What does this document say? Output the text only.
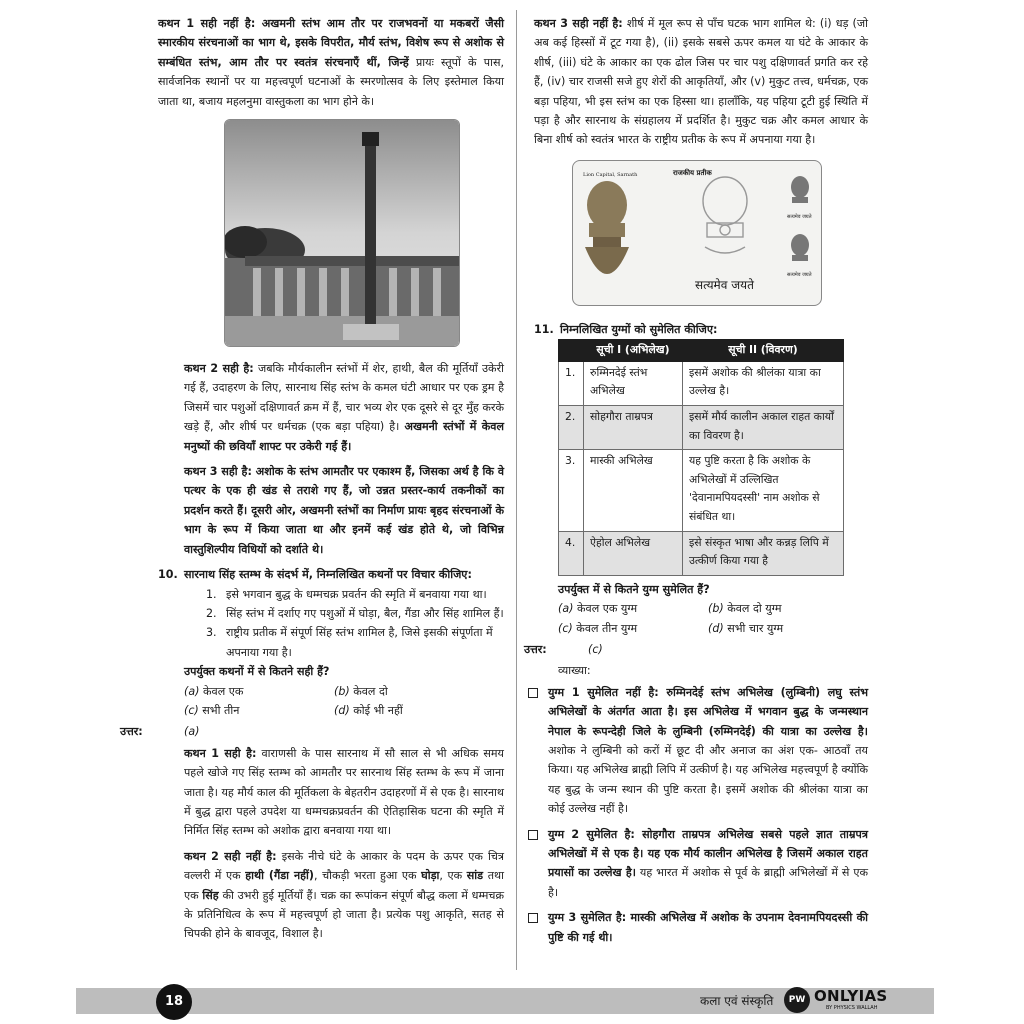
कथन 1 सही नहीं है: अखमनी स्तंभ आम तौर पर राजभवनों या मकबरों जैसी स्मारकीय संरचनाओं का भाग थे, इसके विपरीत, मौर्य स्तंभ, विशेष रूप से अशोक से सम्बंधित स्तंभ, आम तौर पर स्वतंत्र संरचनाएँ थीं, जिन्हें प्रायः स्तूपों के पास, सार्वजनिक स्थानों पर या महत्त्वपूर्ण घटनाओं के स्मरणोत्सव के लिए इस्तेमाल किया जाता था, बजाय महलनुमा वास्तुकला का भाग होने के।

कथन 2 सही है: जबकि मौर्यकालीन स्तंभों में शेर, हाथी, बैल की मूर्तियाँ उकेरी गई हैं, उदाहरण के लिए, सारनाथ सिंह स्तंभ के कमल घंटी आधार पर एक ड्रम है जिसमें चार पशुओं दक्षिणावर्त क्रम में हैं, चार भव्य शेर एक दूसरे से दूर मुँह करके खड़े हैं, और शीर्ष पर धर्मचक्र (एक बड़ा पहिया) है। अखमनी स्तंभों में केवल मनुष्यों की छवियाँ शाफ्ट पर उकेरी गई हैं।

कथन 3 सही है: अशोक के स्तंभ आमतौर पर एकाश्म हैं, जिसका अर्थ है कि वे पत्थर के एक ही खंड से तराशे गए हैं, जो उन्नत प्रस्तर-कार्य तकनीकों का प्रदर्शन करते हैं। दूसरी ओर, अखमनी स्तंभों का निर्माण प्रायः बृहद संरचनाओं के भाग के रूप में किया जाता था और इनमें कई खंड होते थे, जो विभिन्न वास्तुशिल्पीय विधियों को दर्शाते थे।

10. सारनाथ सिंह स्तम्भ के संदर्भ में, निम्नलिखित कथनों पर विचार कीजिए:
1. इसे भगवान बुद्ध के धम्मचक्र प्रवर्तन की स्मृति में बनवाया गया था।
2. सिंह स्तंभ में दर्शाए गए पशुओं में घोड़ा, बैल, गैंडा और सिंह शामिल हैं।
3. राष्ट्रीय प्रतीक में संपूर्ण सिंह स्तंभ शामिल है, जिसे इसकी संपूर्णता में अपनाया गया है।

उपर्युक्त कथनों में से कितने सही हैं?

(a) केवल एक	(b) केवल दो
(c) सभी तीन	(d) कोई भी नहीं
उत्तर:	(a)

कथन 1 सही है: वाराणसी के पास सारनाथ में सौ साल से भी अधिक समय पहले खोजे गए सिंह स्तम्भ को आमतौर पर सारनाथ सिंह स्तम्भ के रूप में जाना जाता है। यह मौर्य काल की मूर्तिकला के बेहतरीन उदाहरणों में से एक है। सारनाथ में बुद्ध द्वारा पहले उपदेश या धम्मचक्रप्रवर्तन की ऐतिहासिक घटना की स्मृति में निर्मित सिंह स्तम्भ को अशोक द्वारा बनवाया गया था।

कथन 2 सही नहीं है: इसके नीचे घंटे के आकार के पदम के ऊपर एक चित्र वल्लरी में एक हाथी (गैंडा नहीं), चौकड़ी भरता हुआ एक घोड़ा, एक सांड तथा एक सिंह की उभरी हुई मूर्तियाँ हैं। चक्र का रूपांकन संपूर्ण बौद्ध कला में धम्मचक्र के प्रतिनिधित्व के रूप में महत्त्वपूर्ण हो जाता है। प्रत्येक पशु आकृति, सतह से चिपकी होने के बावजूद, विशाल है।

कथन 3 सही नहीं है: शीर्ष में मूल रूप से पाँच घटक भाग शामिल थे: (i) धड़ (जो अब कई हिस्सों में टूट गया है), (ii) इसके सबसे ऊपर कमल या घंटे के आकार के शीर्ष, (iii) घंटे के आकार का एक ढोल जिस पर चार पशु दक्षिणावर्त प्रगति कर रहे हैं, (iv) चार राजसी सजे हुए शेरों की आकृतियाँ, और (v) मुकुट तत्त्व, धर्मचक्र, एक बड़ा पहिया, भी इस स्तंभ का एक हिस्सा था। हालाँकि, यह पहिया टूटी हुई स्थिति में पड़ा है और सारनाथ के संग्रहालय में प्रदर्शित है। मुकुट चक्र और कमल आधार के बिना शीर्ष को स्वतंत्र भारत के राष्ट्रीय प्रतीक के रूप में अपनाया गया है।

Lion Capital, Sarnath	राजकीय प्रतीक
सत्यमेव जयते
सत्यमेव जयते
सत्यमेव जयते
11. निम्नलिखित युग्मों को सुमेलित कीजिए:
	सूची I (अभिलेख)	सूची II (विवरण)
1.	रुम्मिनदेई स्तंभ अभिलेख	इसमें अशोक की श्रीलंका यात्रा का उल्लेख है।
2.	सोहगौरा ताम्रपत्र	इसमें मौर्य कालीन अकाल राहत कार्यों का विवरण है।
3.	मास्की अभिलेख	यह पुष्टि करता है कि अशोक के अभिलेखों में उल्लिखित 'देवानामपियदस्सी' नाम अशोक से संबंधित था।
4.	ऐहोल अभिलेख	इसे संस्कृत भाषा और कन्नड़ लिपि में उत्कीर्ण किया गया है

उपर्युक्त में से कितने युग्म सुमेलित हैं?

(a) केवल एक युग्म	(b) केवल दो युग्म
(c) केवल तीन युग्म	(d) सभी चार युग्म
उत्तर:	(c)

व्याख्या:

युग्म 1 सुमेलित नहीं है: रुम्मिनदेई स्तंभ अभिलेख (लुम्बिनी) लघु स्तंभ अभिलेखों के अंतर्गत आता है। इस अभिलेख में भगवान बुद्ध के जन्मस्थान नेपाल के रूपन्देही जिले के लुम्बिनी (रुम्मिनदेई) की यात्रा का उल्लेख है। अशोक ने लुम्बिनी को करों में छूट दी और अनाज का अंश एक- आठवाँ तय किया। यह अभिलेख ब्राह्मी लिपि में उत्कीर्ण है। यह अभिलेख महत्त्वपूर्ण है क्योंकि यह बुद्ध के जन्म स्थान की पुष्टि करता है। इसमें अशोक की श्रीलंका यात्रा का कोई उल्लेख नहीं है।

युग्म 2 सुमेलित है: सोहगौरा ताम्रपत्र अभिलेख सबसे पहले ज्ञात ताम्रपत्र अभिलेखों में से एक है। यह एक मौर्य कालीन अभिलेख है जिसमें अकाल राहत प्रयासों का उल्लेख है। यह भारत में अशोक से पूर्व के ब्राह्मी अभिलेखों में से एक है।

युग्म 3 सुमेलित है: मास्की अभिलेख में अशोक के उपनाम देवनामपियदस्सी की पुष्टि की गई थी।

18	कला एवं संस्कृति	PW ONLYIAS
BY PHYSICS WALLAH
